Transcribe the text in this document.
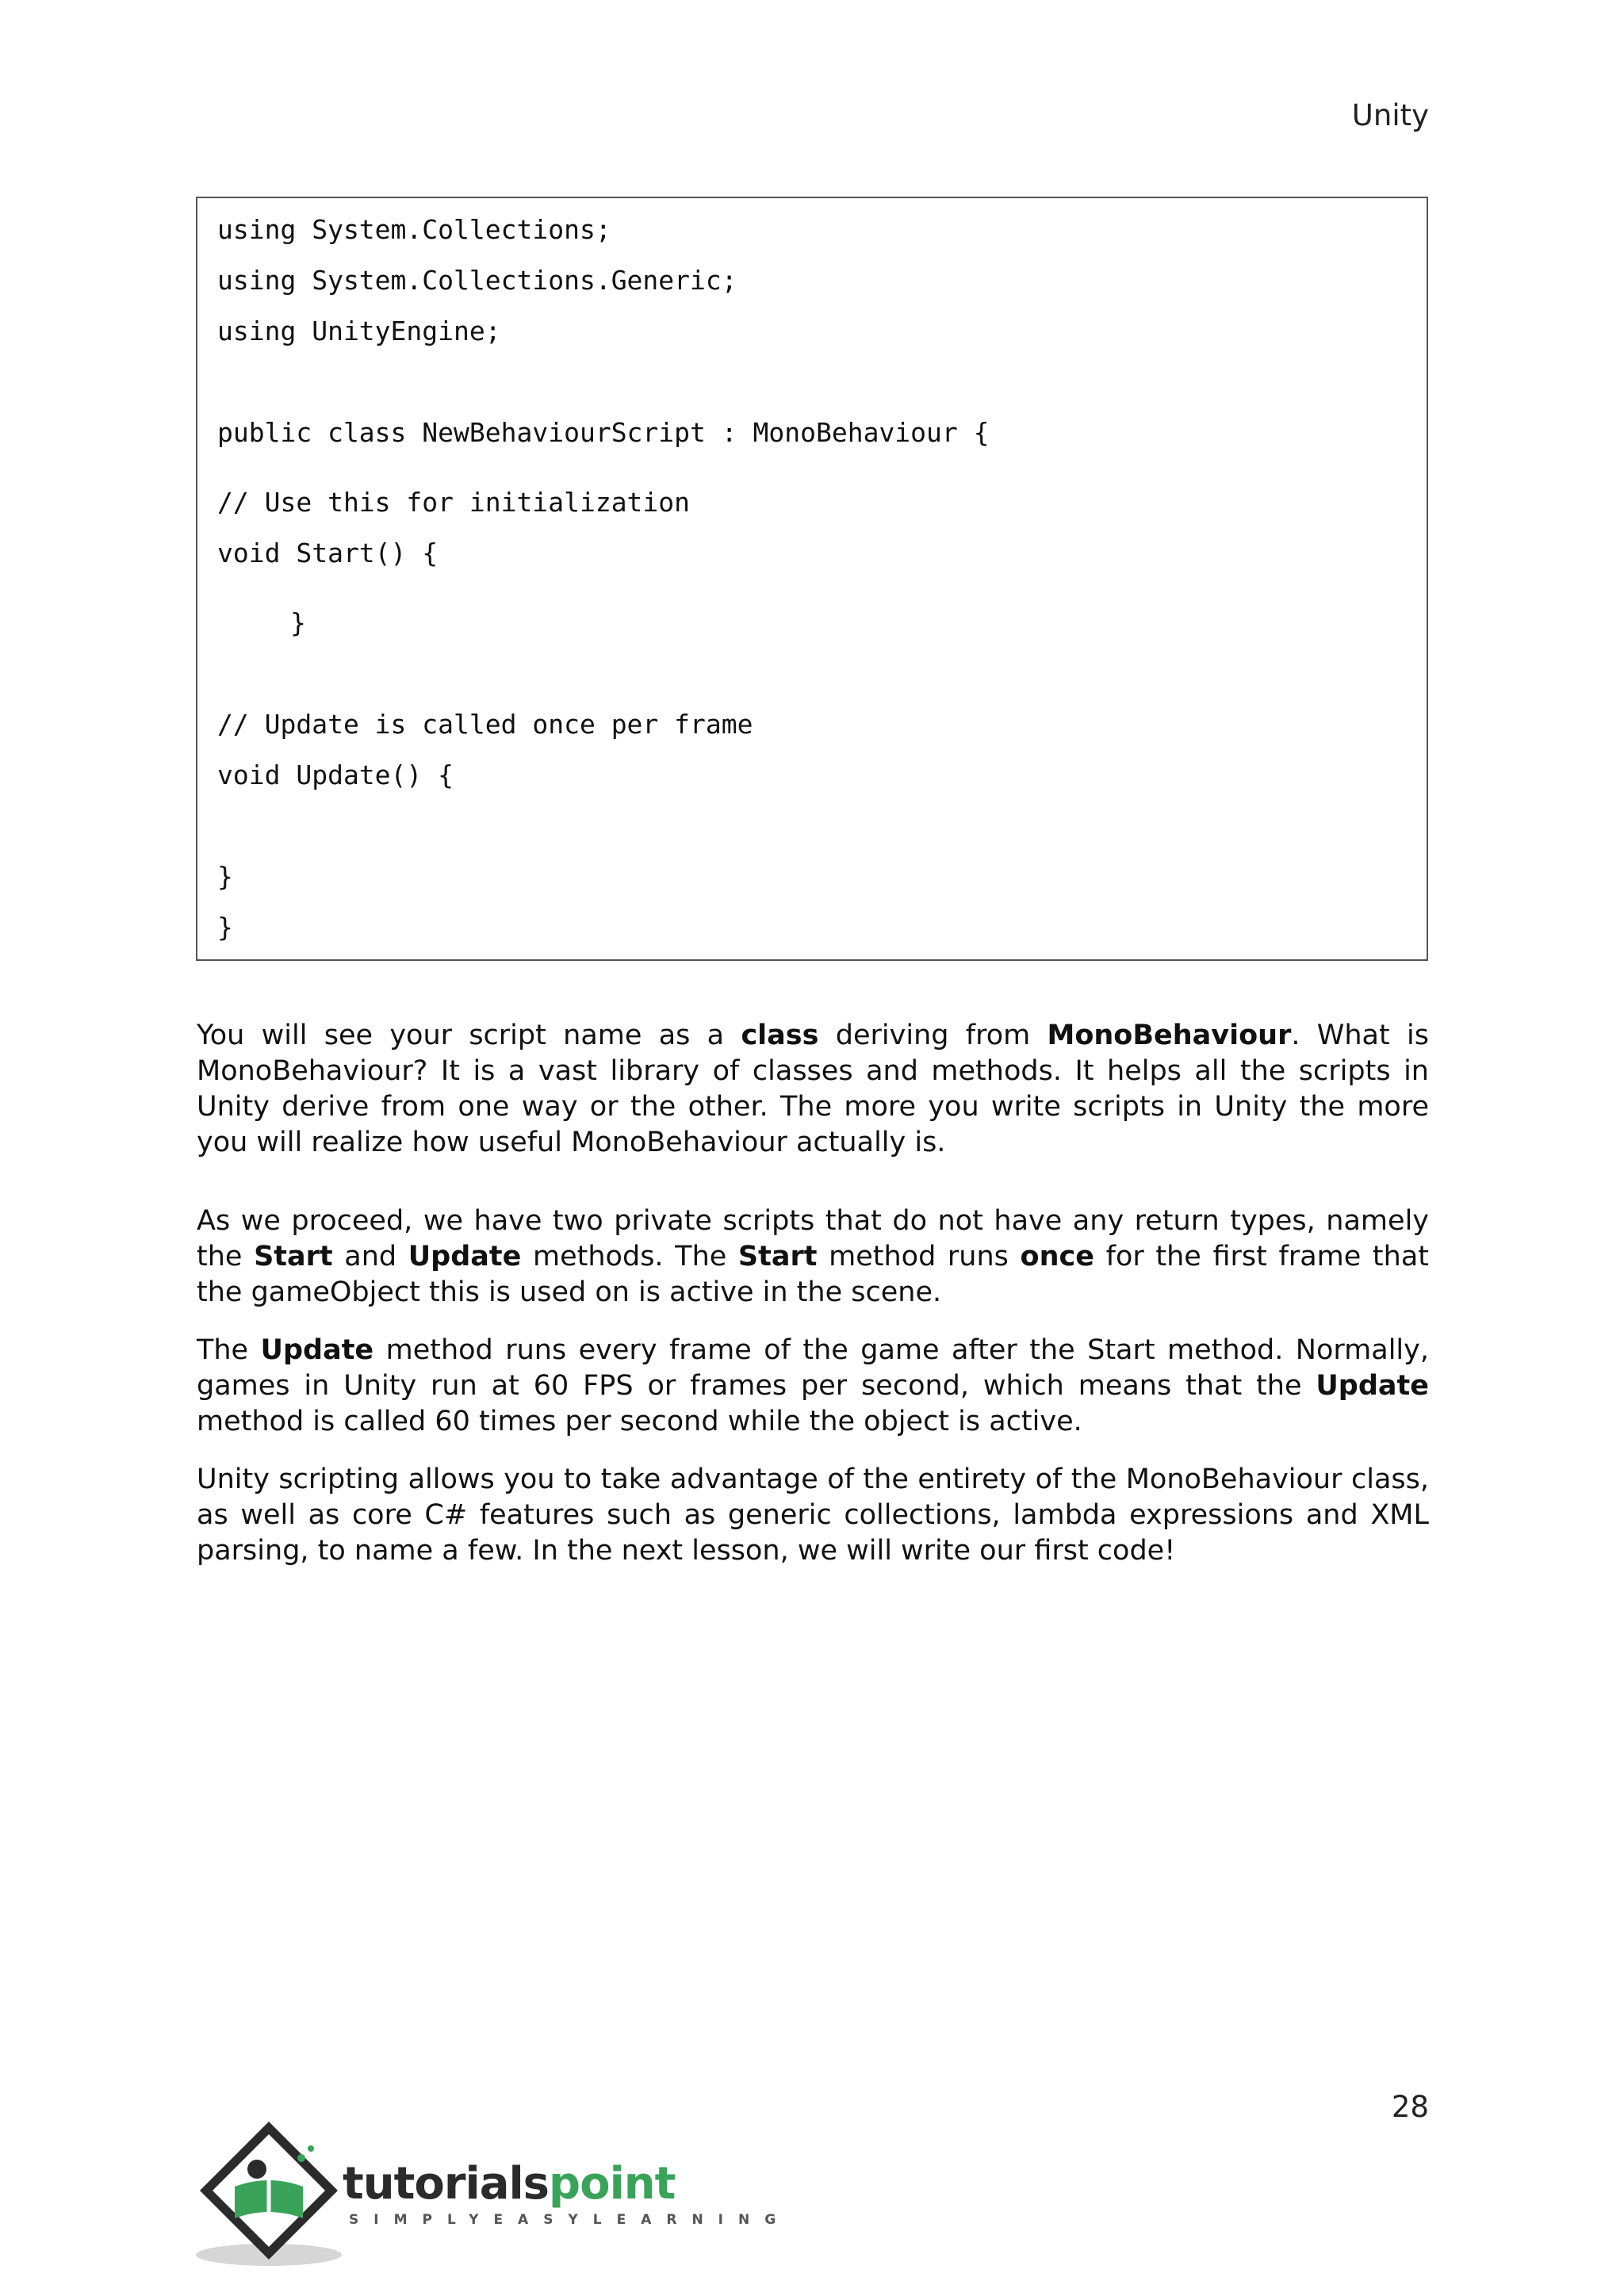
Unity
using System.Collections;
using System.Collections.Generic;
using UnityEngine;
public class NewBehaviourScript : MonoBehaviour {
// Use this for initialization
void Start() {
}
// Update is called once per frame
void Update() {
}
}

You will see your script name as a class deriving from MonoBehaviour. What is MonoBehaviour? It is a vast library of classes and methods. It helps all the scripts in Unity derive from one way or the other. The more you write scripts in Unity the more you will realize how useful MonoBehaviour actually is.

As we proceed, we have two private scripts that do not have any return types, namely the Start and Update methods. The Start method runs once for the first frame that the gameObject this is used on is active in the scene.

The Update method runs every frame of the game after the Start method. Normally, games in Unity run at 60 FPS or frames per second, which means that the Update method is called 60 times per second while the object is active.

Unity scripting allows you to take advantage of the entirety of the MonoBehaviour class, as well as core C# features such as generic collections, lambda expressions and XML parsing, to name a few. In the next lesson, we will write our first code!

28
tutorialspoint
SIMPLYEASYLEARNING
